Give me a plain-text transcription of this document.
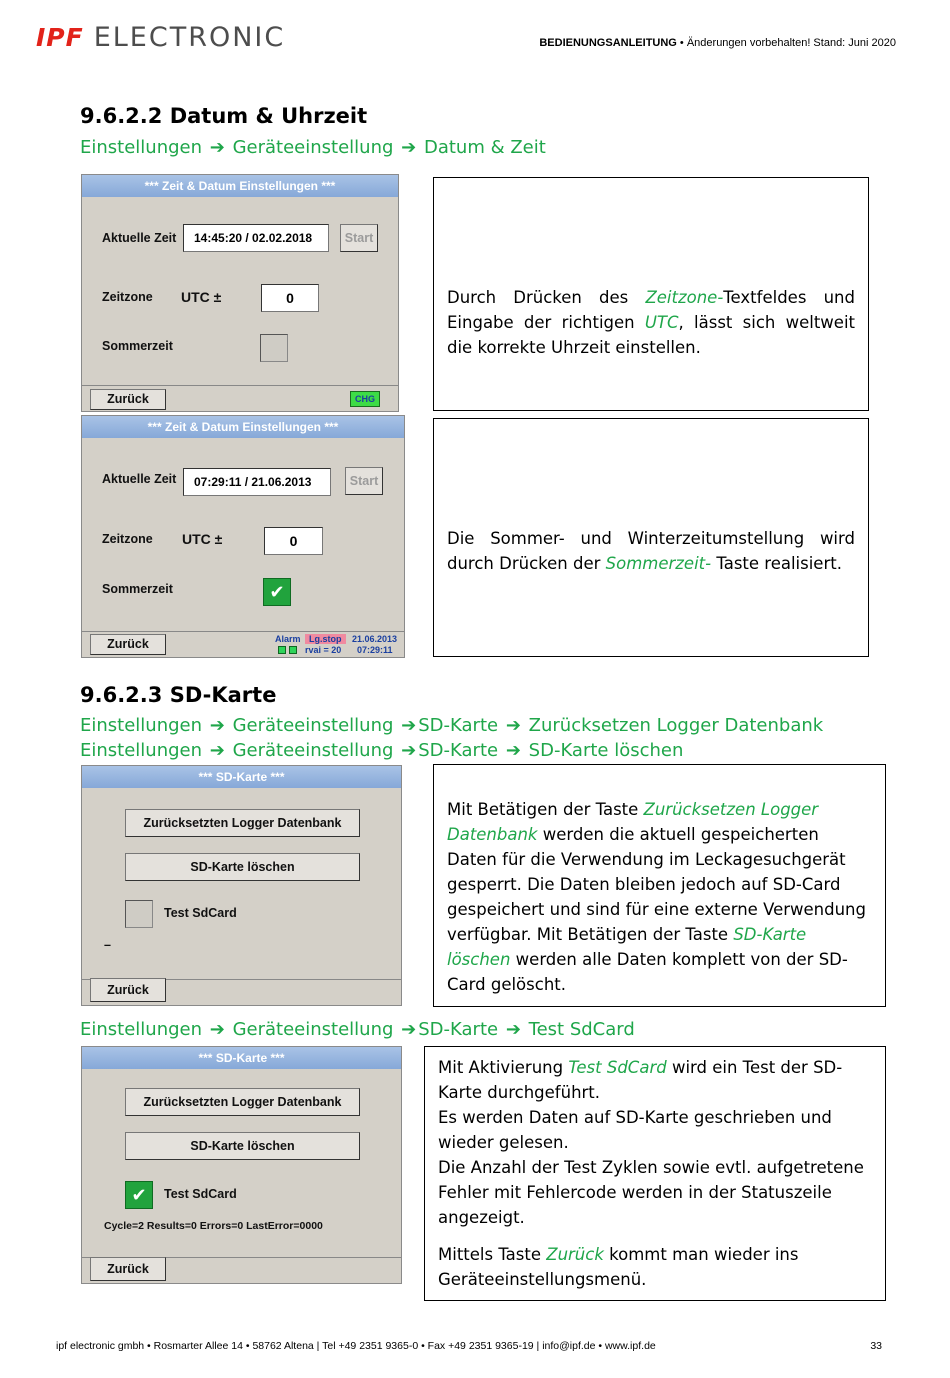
IPF ELECTRONIC	BEDIENUNGSANLEITUNG • Änderungen vorbehalten! Stand: Juni 2020
9.6.2.2 Datum & Uhrzeit
Einstellungen ➔ Geräteeinstellung ➔ Datum & Zeit
*** Zeit & Datum Einstellungen ***
Aktuelle Zeit	14:45:20 / 02.02.2018	Start
Zeitzone UTC ±	0
Sommerzeit
Zurück	CHG
Durch Drücken des Zeitzone-Textfeldes und Eingabe der richtigen UTC, lässt sich weltweit die korrekte Uhrzeit einstellen.
*** Zeit & Datum Einstellungen ***
Aktuelle Zeit	07:29:11 / 21.06.2013	Start
Zeitzone UTC ±	0
Sommerzeit	✔
Zurück	Alarm Lg.stop
rvai = 20
21.06.2013
07:29:11
Die Sommer- und Winterzeitumstellung wird durch Drücken der Sommerzeit- Taste realisiert.
9.6.2.3 SD-Karte
Einstellungen ➔ Geräteeinstellung ➔ SD-Karte ➔ Zurücksetzen Logger Datenbank
Einstellungen ➔ Geräteeinstellung ➔ SD-Karte ➔ SD-Karte löschen
*** SD-Karte ***
Zurücksetzten Logger Datenbank
SD-Karte löschen
Test SdCard
–
Zurück
Mit Betätigen der Taste Zurücksetzen Logger Datenbank werden die aktuell gespeicherten Daten für die Verwendung im Leckagesuchgerät gesperrt. Die Daten bleiben jedoch auf SD-Card gespeichert und sind für eine externe Verwendung verfügbar. Mit Betätigen der Taste SD-Karte löschen werden alle Daten komplett von der SD-Card gelöscht.
Einstellungen ➔ Geräteeinstellung ➔ SD-Karte ➔ Test SdCard
*** SD-Karte ***
Zurücksetzten Logger Datenbank
SD-Karte löschen
✔	Test SdCard
Cycle=2 Results=0 Errors=0 LastError=0000
Zurück
Mit Aktivierung Test SdCard wird ein Test der SD-Karte durchgeführt.
Es werden Daten auf SD-Karte geschrieben und wieder gelesen.
Die Anzahl der Test Zyklen sowie evtl. aufgetretene Fehler mit Fehlercode werden in der Statuszeile angezeigt.
Mittels Taste Zurück kommt man wieder ins Geräteeinstellungsmenü.
ipf electronic gmbh • Rosmarter Allee 14 • 58762 Altena | Tel +49 2351 9365-0 • Fax +49 2351 9365-19 | info@ipf.de • www.ipf.de	33
